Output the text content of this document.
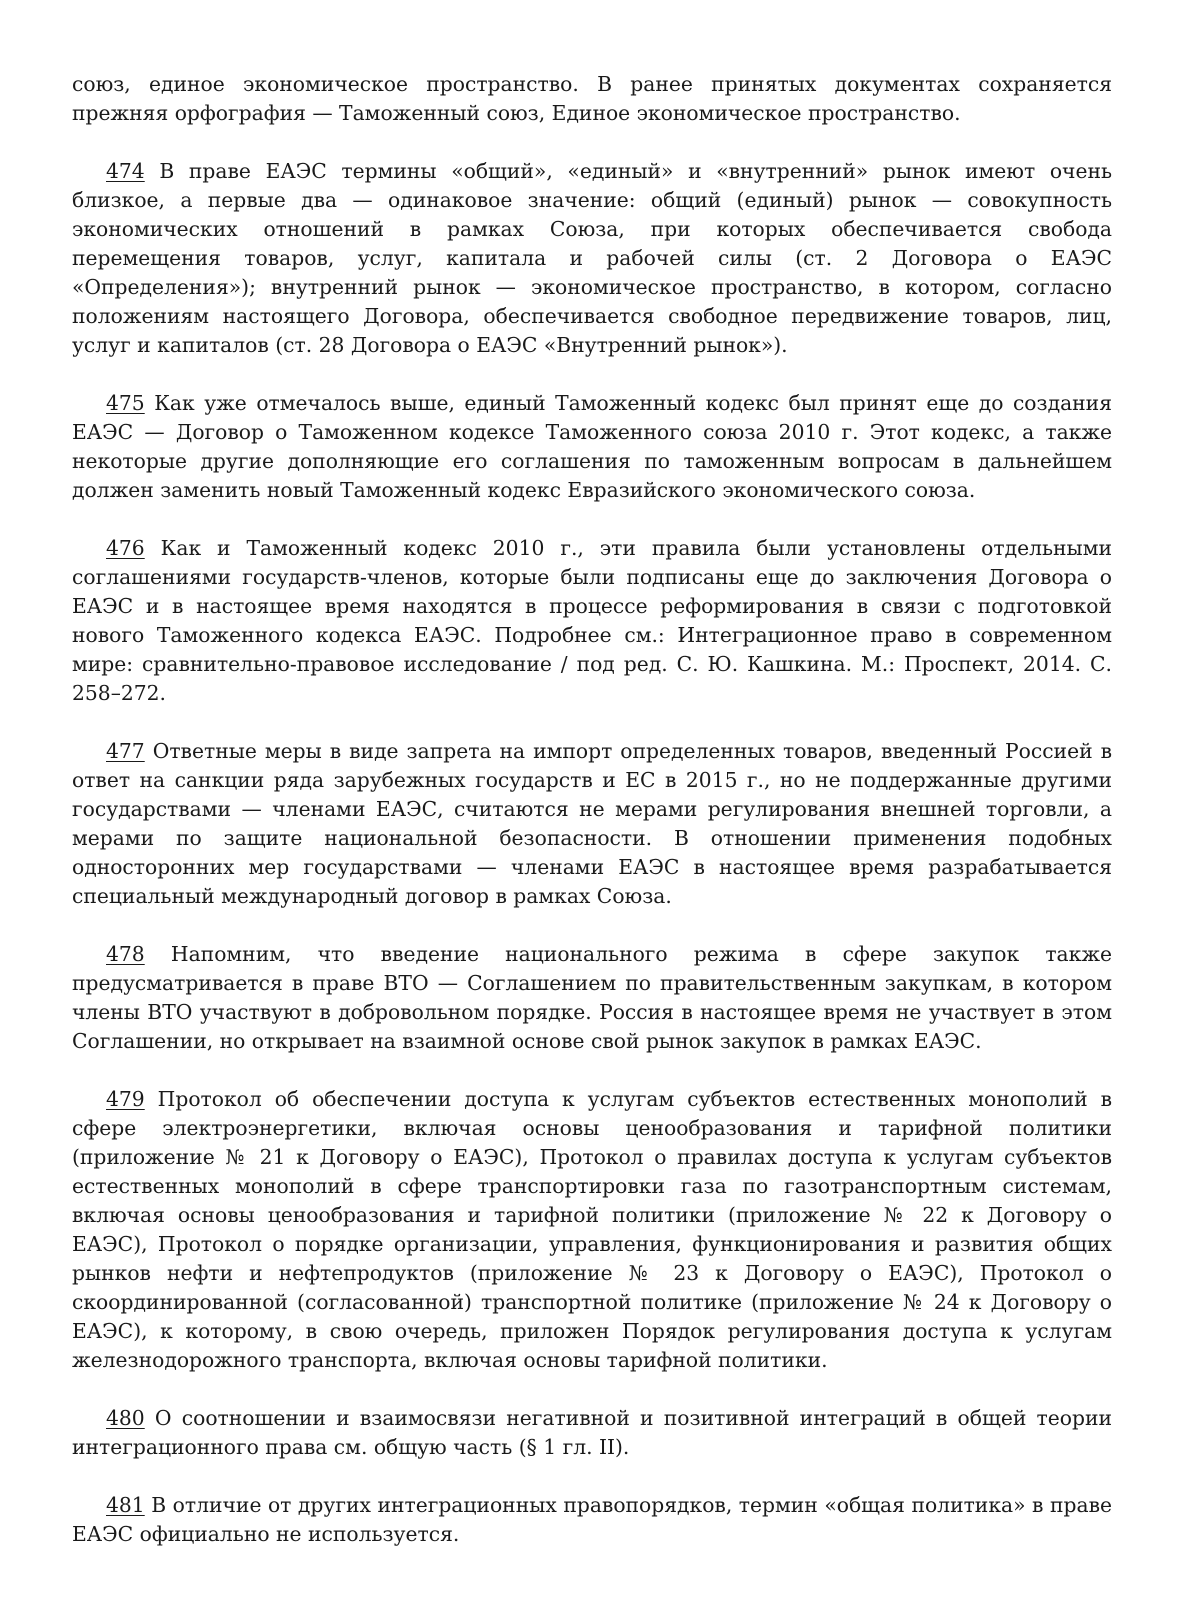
союз, единое экономическое пространство. В ранее принятых документах сохраняется прежняя орфография — Таможенный союз, Единое экономическое пространство.

474 В праве ЕАЭС термины «общий», «единый» и «внутренний» рынок имеют очень близкое, а первые два — одинаковое значение: общий (единый) рынок — совокупность экономических отношений в рамках Союза, при которых обеспечивается свобода перемещения товаров, услуг, капитала и рабочей силы (ст. 2 Договора о ЕАЭС «Определения»); внутренний рынок — экономическое пространство, в котором, согласно положениям настоящего Договора, обеспечивается свободное передвижение товаров, лиц, услуг и капиталов (ст. 28 Договора о ЕАЭС «Внутренний рынок»).

475 Как уже отмечалось выше, единый Таможенный кодекс был принят еще до создания ЕАЭС — Договор о Таможенном кодексе Таможенного союза 2010 г. Этот кодекс, а также некоторые другие дополняющие его соглашения по таможенным вопросам в дальнейшем должен заменить новый Таможенный кодекс Евразийского экономического союза.

476 Как и Таможенный кодекс 2010 г., эти правила были установлены отдельными соглашениями государств-членов, которые были подписаны еще до заключения Договора о ЕАЭС и в настоящее время находятся в процессе реформирования в связи с подготовкой нового Таможенного кодекса ЕАЭС. Подробнее см.: Интеграционное право в современном мире: сравнительно-правовое исследование / под ред. С. Ю. Кашкина. М.: Проспект, 2014. С. 258–272.

477 Ответные меры в виде запрета на импорт определенных товаров, введенный Россией в ответ на санкции ряда зарубежных государств и ЕС в 2015 г., но не поддержанные другими государствами — членами ЕАЭС, считаются не мерами регулирования внешней торговли, а мерами по защите национальной безопасности. В отношении применения подобных односторонних мер государствами — членами ЕАЭС в настоящее время разрабатывается специальный международный договор в рамках Союза.

478 Напомним, что введение национального режима в сфере закупок также предусматривается в праве ВТО — Соглашением по правительственным закупкам, в котором члены ВТО участвуют в добровольном порядке. Россия в настоящее время не участвует в этом Соглашении, но открывает на взаимной основе свой рынок закупок в рамках ЕАЭС.

479 Протокол об обеспечении доступа к услугам субъектов естественных монополий в сфере электроэнергетики, включая основы ценообразования и тарифной политики (приложение № 21 к Договору о ЕАЭС), Протокол о правилах доступа к услугам субъектов естественных монополий в сфере транспортировки газа по газотранспортным системам, включая основы ценообразования и тарифной политики (приложение № 22 к Договору о ЕАЭС), Протокол о порядке организации, управления, функционирования и развития общих рынков нефти и нефтепродуктов (приложение № 23 к Договору о ЕАЭС), Протокол о скоординированной (согласованной) транспортной политике (приложение № 24 к Договору о ЕАЭС), к которому, в свою очередь, приложен Порядок регулирования доступа к услугам железнодорожного транспорта, включая основы тарифной политики.

480 О соотношении и взаимосвязи негативной и позитивной интеграций в общей теории интеграционного права см. общую часть (§ 1 гл. II).

481 В отличие от других интеграционных правопорядков, термин «общая политика» в праве ЕАЭС официально не используется.
